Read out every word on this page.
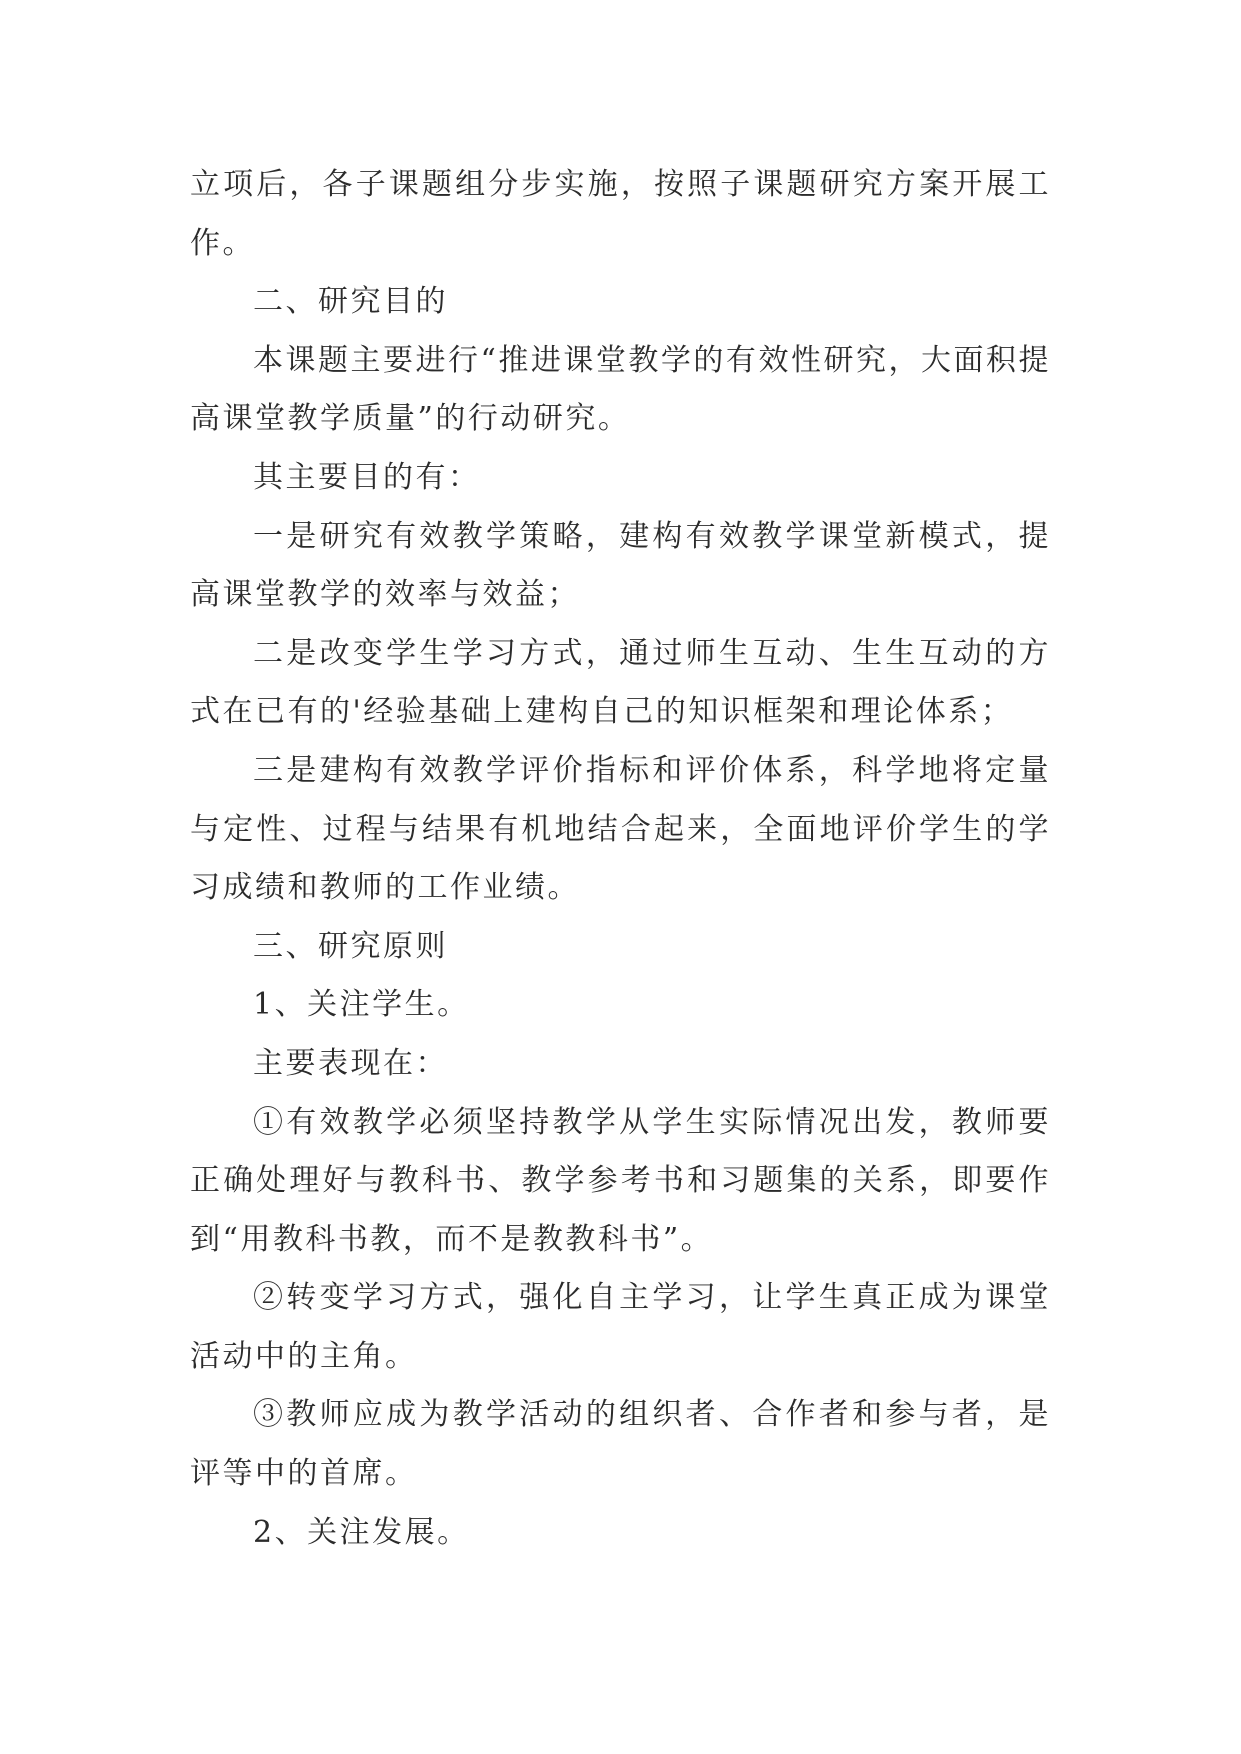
立项后，各子课题组分步实施，按照子课题研究方案开展工作。

二、研究目的

本课题主要进行“推进课堂教学的有效性研究，大面积提高课堂教学质量”的行动研究。

其主要目的有：

一是研究有效教学策略，建构有效教学课堂新模式，提高课堂教学的效率与效益；

二是改变学生学习方式，通过师生互动、生生互动的方式在已有的'经验基础上建构自己的知识框架和理论体系；

三是建构有效教学评价指标和评价体系，科学地将定量与定性、过程与结果有机地结合起来，全面地评价学生的学习成绩和教师的工作业绩。

三、研究原则

1、关注学生。

主要表现在：

①有效教学必须坚持教学从学生实际情况出发，教师要正确处理好与教科书、教学参考书和习题集的关系，即要作到“用教科书教，而不是教教科书”。

②转变学习方式，强化自主学习，让学生真正成为课堂活动中的主角。

③教师应成为教学活动的组织者、合作者和参与者，是评等中的首席。

2、关注发展。
